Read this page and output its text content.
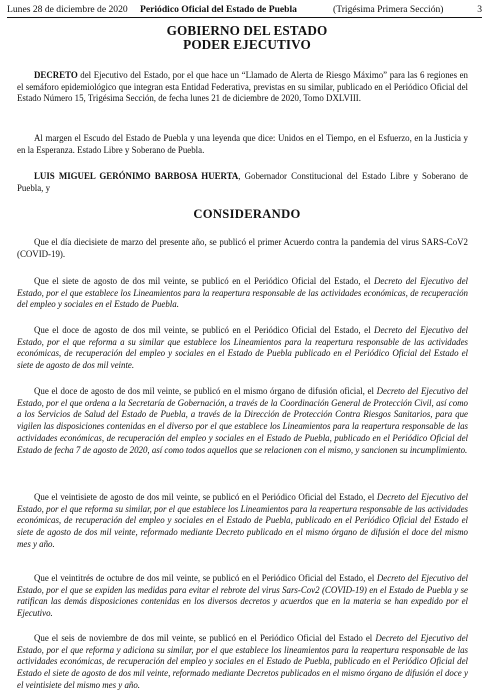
Lunes 28 de diciembre de 2020 Periódico Oficial del Estado de Puebla	(Trigésima Primera Sección)	3
GOBIERNO DEL ESTADO
PODER EJECUTIVO

DECRETO del Ejecutivo del Estado, por el que hace un “Llamado de Alerta de Riesgo Máximo” para las 6 regiones en el semáforo epidemiológico que integran esta Entidad Federativa, previstas en su similar, publicado en el Periódico Oficial del Estado Número 15, Trigésima Sección, de fecha lunes 21 de diciembre de 2020, Tomo DXLVIII.

Al margen el Escudo del Estado de Puebla y una leyenda que dice: Unidos en el Tiempo, en el Esfuerzo, en la Justicia y en la Esperanza. Estado Libre y Soberano de Puebla.

LUIS MIGUEL GERÓNIMO BARBOSA HUERTA, Gobernador Constitucional del Estado Libre y Soberano de Puebla, y

CONSIDERANDO

Que el día diecisiete de marzo del presente año, se publicó el primer Acuerdo contra la pandemia del virus SARS-CoV2 (COVID-19).

Que el siete de agosto de dos mil veinte, se publicó en el Periódico Oficial del Estado, el Decreto del Ejecutivo del Estado, por el que establece los Lineamientos para la reapertura responsable de las actividades económicas, de recuperación del empleo y sociales en el Estado de Puebla.

Que el doce de agosto de dos mil veinte, se publicó en el Periódico Oficial del Estado, el Decreto del Ejecutivo del Estado, por el que reforma a su similar que establece los Lineamientos para la reapertura responsable de las actividades económicas, de recuperación del empleo y sociales en el Estado de Puebla publicado en el Periódico Oficial del Estado el siete de agosto de dos mil veinte.

Que el doce de agosto de dos mil veinte, se publicó en el mismo órgano de difusión oficial, el Decreto del Ejecutivo del Estado, por el que ordena a la Secretaría de Gobernación, a través de la Coordinación General de Protección Civil, así como a los Servicios de Salud del Estado de Puebla, a través de la Dirección de Protección Contra Riesgos Sanitarios, para que vigilen las disposiciones contenidas en el diverso por el que establece los Lineamientos para la reapertura responsable de las actividades económicas, de recuperación del empleo y sociales en el Estado de Puebla, publicado en el Periódico Oficial del Estado de fecha 7 de agosto de 2020, así como todos aquellos que se relacionen con el mismo, y sancionen su incumplimiento.

Que el veintisiete de agosto de dos mil veinte, se publicó en el Periódico Oficial del Estado, el Decreto del Ejecutivo del Estado, por el que reforma su similar, por el que establece los Lineamientos para la reapertura responsable de las actividades económicas, de recuperación del empleo y sociales en el Estado de Puebla, publicado en el Periódico Oficial del Estado el siete de agosto de dos mil veinte, reformado mediante Decreto publicado en el mismo órgano de difusión el doce del mismo mes y año.

Que el veintitrés de octubre de dos mil veinte, se publicó en el Periódico Oficial del Estado, el Decreto del Ejecutivo del Estado, por el que se expiden las medidas para evitar el rebrote del virus Sars-Cov2 (COVID-19) en el Estado de Puebla y se ratifican las demás disposiciones contenidas en los diversos decretos y acuerdos que en la materia se han expedido por el Ejecutivo.

Que el seis de noviembre de dos mil veinte, se publicó en el Periódico Oficial del Estado el Decreto del Ejecutivo del Estado, por el que reforma y adiciona su similar, por el que establece los lineamientos para la reapertura responsable de las actividades económicas, de recuperación del empleo y sociales en el Estado de Puebla, publicado en el Periódico Oficial del Estado el siete de agosto de dos mil veinte, reformado mediante Decretos publicados en el mismo órgano de difusión el doce y el veintisiete del mismo mes y año.
